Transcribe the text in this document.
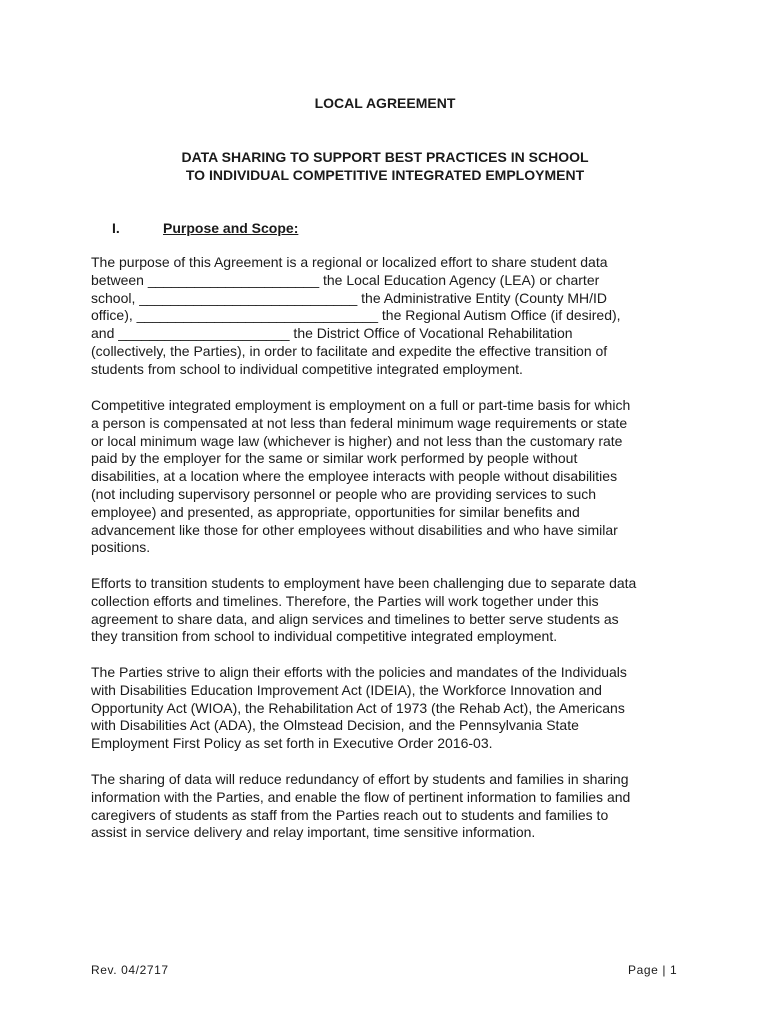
LOCAL AGREEMENT
DATA SHARING TO SUPPORT BEST PRACTICES IN SCHOOL
TO INDIVIDUAL COMPETITIVE INTEGRATED EMPLOYMENT
I.	Purpose and Scope:
The purpose of this Agreement is a regional or localized effort to share student data
between ______________________ the Local Education Agency (LEA) or charter
school, ____________________________ the Administrative Entity (County MH/ID
office), _______________________________ the Regional Autism Office (if desired),
and ______________________ the District Office of Vocational Rehabilitation
(collectively, the Parties), in order to facilitate and expedite the effective transition of
students from school to individual competitive integrated employment.
Competitive integrated employment is employment on a full or part-time basis for which
a person is compensated at not less than federal minimum wage requirements or state
or local minimum wage law (whichever is higher) and not less than the customary rate
paid by the employer for the same or similar work performed by people without
disabilities, at a location where the employee interacts with people without disabilities
(not including supervisory personnel or people who are providing services to such
employee) and presented, as appropriate, opportunities for similar benefits and
advancement like those for other employees without disabilities and who have similar
positions.
Efforts to transition students to employment have been challenging due to separate data
collection efforts and timelines. Therefore, the Parties will work together under this
agreement to share data, and align services and timelines to better serve students as
they transition from school to individual competitive integrated employment.
The Parties strive to align their efforts with the policies and mandates of the Individuals
with Disabilities Education Improvement Act (IDEIA), the Workforce Innovation and
Opportunity Act (WIOA), the Rehabilitation Act of 1973 (the Rehab Act), the Americans
with Disabilities Act (ADA), the Olmstead Decision, and the Pennsylvania State
Employment First Policy as set forth in Executive Order 2016-03.
The sharing of data will reduce redundancy of effort by students and families in sharing
information with the Parties, and enable the flow of pertinent information to families and
caregivers of students as staff from the Parties reach out to students and families to
assist in service delivery and relay important, time sensitive information.
Rev. 04/2717	Page | 1
